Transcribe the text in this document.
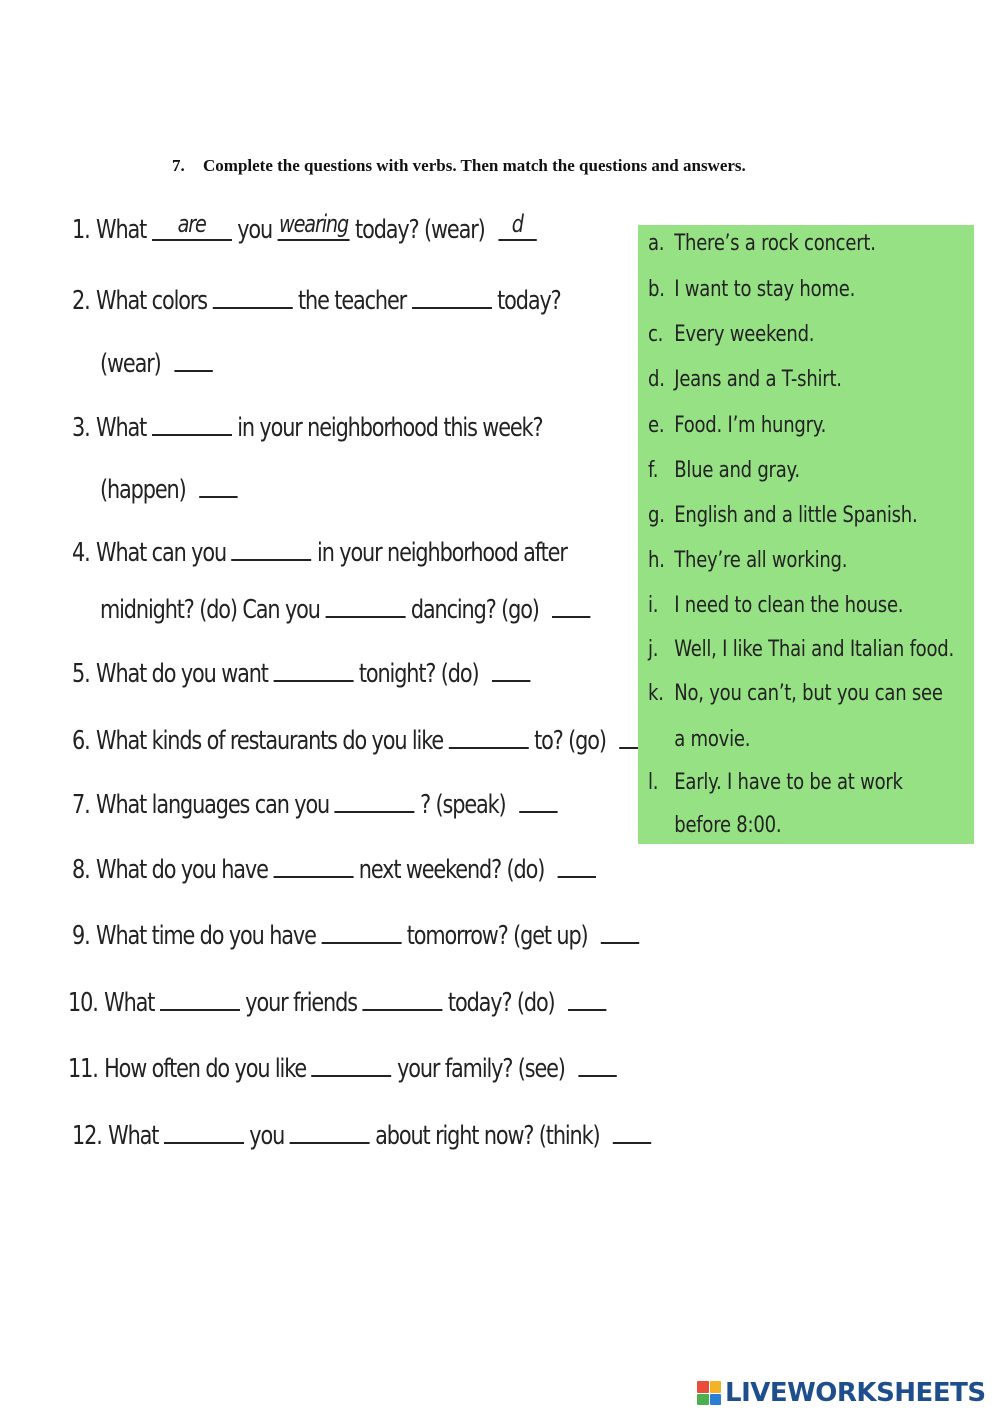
7. Complete the questions with verbs. Then match the questions and answers.
1. What are you wearing today? (wear) d
2. What colors	the teacher	today?
(wear)
3. What	in your neighborhood this week?
(happen)
4. What can you	in your neighborhood after
midnight? (do) Can you	dancing? (go)
5. What do you want	tonight? (do)
6. What kinds of restaurants do you like	to? (go)
7. What languages can you	? (speak)
8. What do you have	next weekend? (do)
9. What time do you have	tomorrow? (get up)
10. What	your friends	today? (do)
11. How often do you like	your family? (see)
12. What	you	about right now? (think)
a. There’s a rock concert.
b. I want to stay home.
c. Every weekend.
d. Jeans and a T-shirt.
e. Food. I’m hungry.
f. Blue and gray.
g. English and a little Spanish.
h. They’re all working.
i. I need to clean the house.
j. Well, I like Thai and Italian food.
k. No, you can’t, but you can see
a movie.
l. Early. I have to be at work
before 8:00.
LIVEWORKSHEETS
